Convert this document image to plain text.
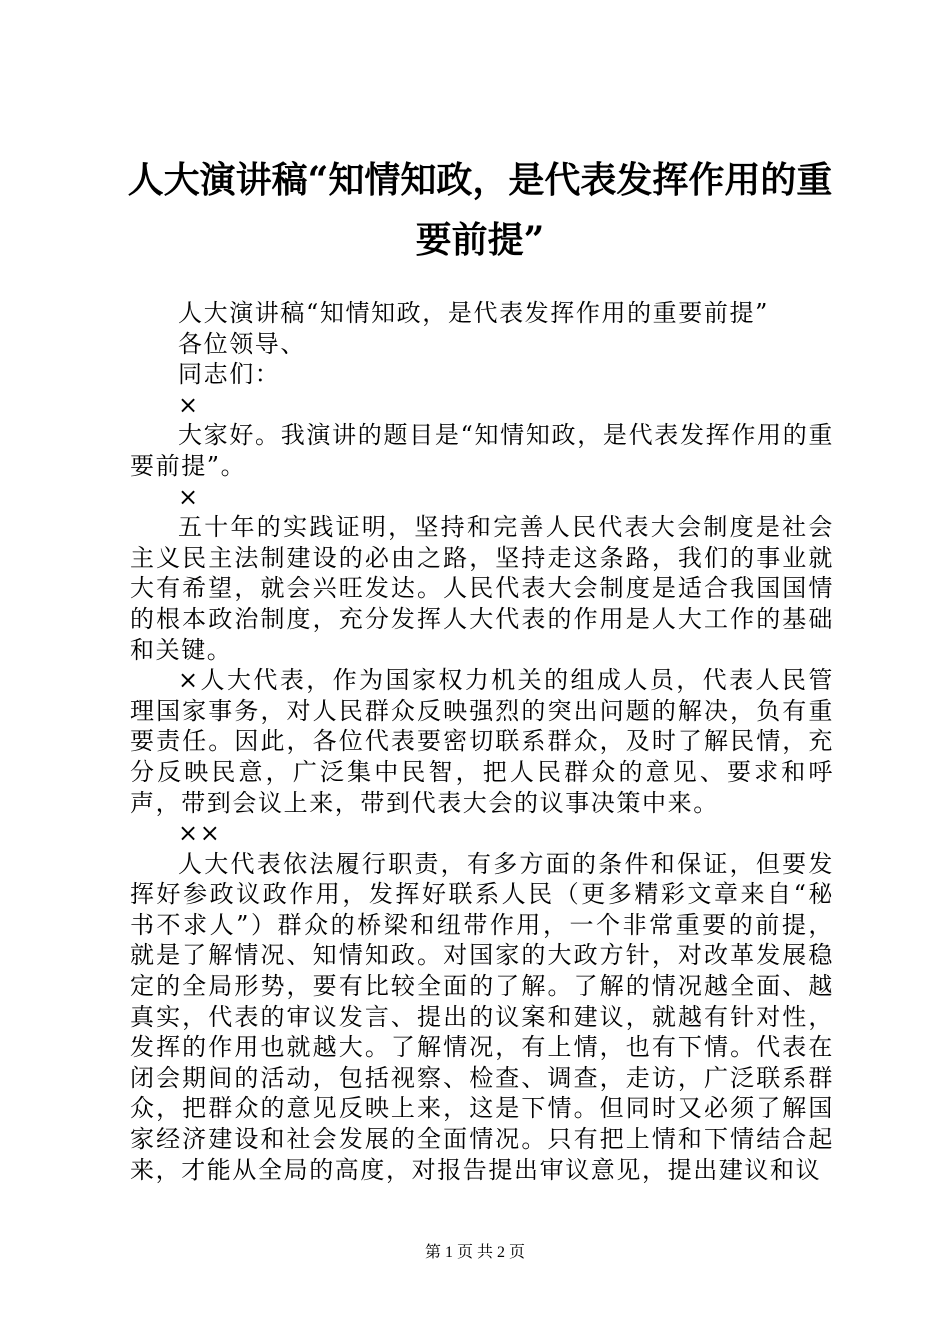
人大演讲稿“知情知政，是代表发挥作用的重
要前提”

人大演讲稿“知情知政，是代表发挥作用的重要前提”

各位领导、

同志们：

×

大家好。我演讲的题目是“知情知政，是代表发挥作用的重要前提”。

×

五十年的实践证明，坚持和完善人民代表大会制度是社会主义民主法制建设的必由之路，坚持走这条路，我们的事业就大有希望，就会兴旺发达。人民代表大会制度是适合我国国情的根本政治制度，充分发挥人大代表的作用是人大工作的基础和关键。

×人大代表，作为国家权力机关的组成人员，代表人民管理国家事务，对人民群众反映强烈的突出问题的解决，负有重要责任。因此，各位代表要密切联系群众，及时了解民情，充分反映民意，广泛集中民智，把人民群众的意见、要求和呼声，带到会议上来，带到代表大会的议事决策中来。

××

人大代表依法履行职责，有多方面的条件和保证，但要发挥好参政议政作用，发挥好联系人民（更多精彩文章来自“秘书不求人”）群众的桥梁和纽带作用，一个非常重要的前提，就是了解情况、知情知政。对国家的大政方针，对改革发展稳定的全局形势，要有比较全面的了解。了解的情况越全面、越真实，代表的审议发言、提出的议案和建议，就越有针对性，发挥的作用也就越大。了解情况，有上情，也有下情。代表在闭会期间的活动，包括视察、检查、调查，走访，广泛联系群众，把群众的意见反映上来，这是下情。但同时又必须了解国家经济建设和社会发展的全面情况。只有把上情和下情结合起来，才能从全局的高度，对报告提出审议意见，提出建议和议

第 1 页 共 2 页
